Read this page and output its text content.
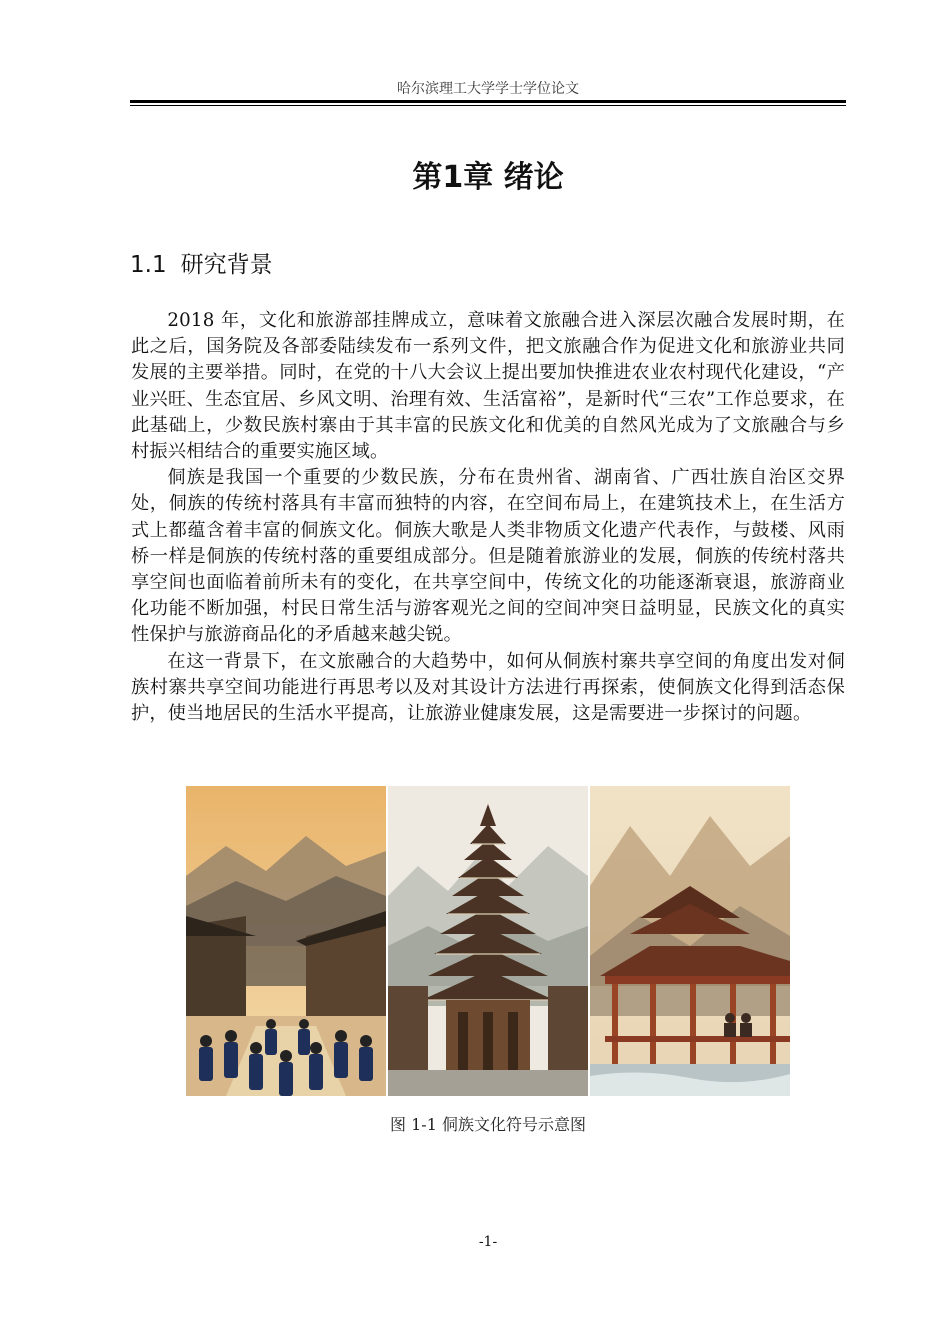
哈尔滨理工大学学士学位论文
第1章 绪论
1.1 研究背景

2018 年，文化和旅游部挂牌成立，意味着文旅融合进入深层次融合发展时期，在此之后，国务院及各部委陆续发布一系列文件，把文旅融合作为促进文化和旅游业共同发展的主要举措。同时，在党的十八大会议上提出要加快推进农业农村现代化建设，“产业兴旺、生态宜居、乡风文明、治理有效、生活富裕”，是新时代“三农”工作总要求，在此基础上，少数民族村寨由于其丰富的民族文化和优美的自然风光成为了文旅融合与乡村振兴相结合的重要实施区域。

侗族是我国一个重要的少数民族，分布在贵州省、湖南省、广西壮族自治区交界处，侗族的传统村落具有丰富而独特的内容，在空间布局上，在建筑技术上，在生活方式上都蕴含着丰富的侗族文化。侗族大歌是人类非物质文化遗产代表作，与鼓楼、风雨桥一样是侗族的传统村落的重要组成部分。但是随着旅游业的发展，侗族的传统村落共享空间也面临着前所未有的变化，在共享空间中，传统文化的功能逐渐衰退，旅游商业化功能不断加强，村民日常生活与游客观光之间的空间冲突日益明显，民族文化的真实性保护与旅游商品化的矛盾越来越尖锐。

在这一背景下，在文旅融合的大趋势中，如何从侗族村寨共享空间的角度出发对侗族村寨共享空间功能进行再思考以及对其设计方法进行再探索，使侗族文化得到活态保护，使当地居民的生活水平提高，让旅游业健康发展，这是需要进一步探讨的问题。

图 1-1 侗族文化符号示意图
-1-
